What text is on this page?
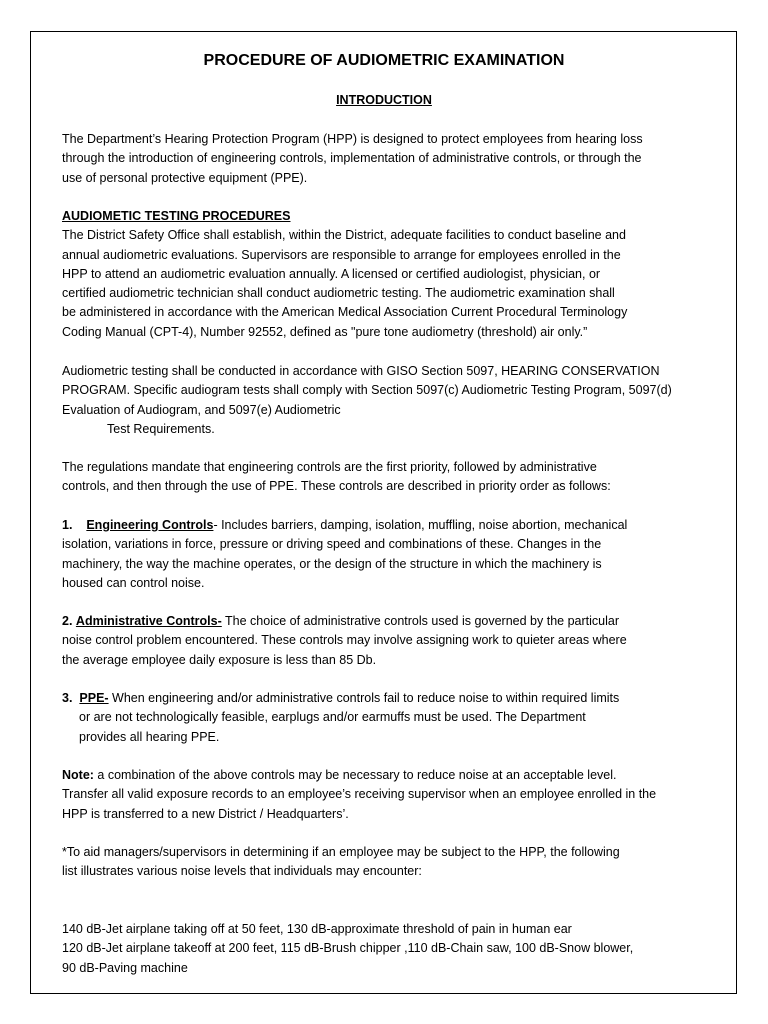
PROCEDURE OF AUDIOMETRIC EXAMINATION
INTRODUCTION
The Department’s Hearing Protection Program (HPP) is designed to protect employees from hearing loss
through the introduction of engineering controls, implementation of administrative controls, or through the
use of personal protective equipment (PPE).
AUDIOMETIC TESTING PROCEDURES
The District Safety Office shall establish, within the District, adequate facilities to conduct baseline and
annual audiometric evaluations. Supervisors are responsible to arrange for employees enrolled in the
HPP to attend an audiometric evaluation annually. A licensed or certified audiologist, physician, or
certified audiometric technician shall conduct audiometric testing. The audiometric examination shall
be administered in accordance with the American Medical Association Current Procedural Terminology
Coding Manual (CPT-4), Number 92552, defined as "pure tone audiometry (threshold) air only.”
Audiometric testing shall be conducted in accordance with GISO Section 5097, HEARING CONSERVATION
PROGRAM. Specific audiogram tests shall comply with Section 5097(c) Audiometric Testing Program, 5097(d)
Evaluation of Audiogram, and 5097(e) Audiometric
Test Requirements.
The regulations mandate that engineering controls are the first priority, followed by administrative
controls, and then through the use of PPE. These controls are described in priority order as follows:
1. Engineering Controls- Includes barriers, damping, isolation, muffling, noise abortion, mechanical
isolation, variations in force, pressure or driving speed and combinations of these. Changes in the
machinery, the way the machine operates, or the design of the structure in which the machinery is
housed can control noise.
2. Administrative Controls- The choice of administrative controls used is governed by the particular
noise control problem encountered. These controls may involve assigning work to quieter areas where
the average employee daily exposure is less than 85 Db.
3. PPE- When engineering and/or administrative controls fail to reduce noise to within required limits
or are not technologically feasible, earplugs and/or earmuffs must be used. The Department
provides all hearing PPE.
Note: a combination of the above controls may be necessary to reduce noise at an acceptable level.
Transfer all valid exposure records to an employee’s receiving supervisor when an employee enrolled in the
HPP is transferred to a new District / Headquarters’.
*To aid managers/supervisors in determining if an employee may be subject to the HPP, the following
list illustrates various noise levels that individuals may encounter:
140 dB-Jet airplane taking off at 50 feet, 130 dB-approximate threshold of pain in human ear
120 dB-Jet airplane takeoff at 200 feet, 115 dB-Brush chipper ,110 dB-Chain saw, 100 dB-Snow blower,
90 dB-Paving machine
